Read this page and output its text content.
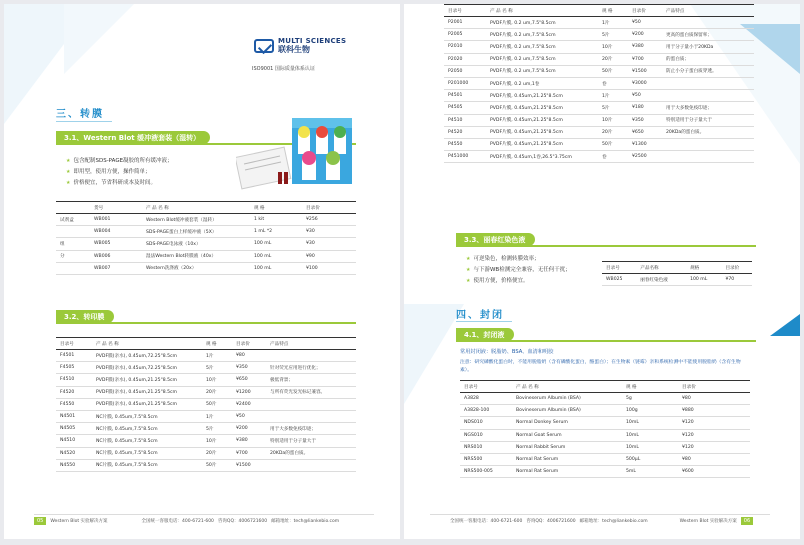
MULTI SCIENCES
联科生物
ISO9001 国际质量体系认证
三、转膜
3.1、Western Blot 缓冲液套装（湿转）
★ 包含配制SDS-PAGE凝胶的所有缓冲液；
★ 即用型，使用方便，操作简单；
★ 价格便宜，节省科研成本及时间。
	货号	产 品 名 称	规 格	目录价
试剂盒	WB001	Western Blot缓冲液套装（湿转）	1 kit	¥256
	WB004	SDS-PAGE蛋白上样缓冲液（5X）	1 mL *2	¥30
组	WB005	SDS-PAGE电泳液（10x）	100 mL	¥30
分	WB006	湿法Western Blot转膜液（40x）	100 mL	¥90
	WB007	Western洗涤液（20x）	100 mL	¥100
3.2、转印膜
目录号	产 品 名 称	规 格	目录价	产品特点
F4501	PVDF膜(亲水), 0.45um,72.25"8.5cm	1片	¥80	
F4505	PVDF膜(亲水), 0.45um,72.25"8.5cm	5片	¥350	针对荧光应用进行优化；
F4510	PVDF膜(亲水), 0.45um,21.25"8.5cm	10片	¥650	极低背景；
F4520	PVDF膜(亲水), 0.45um,21.25"8.5cm	20片	¥1200	与所有荧光发光标记兼容。
F4550	PVDF膜(亲水), 0.45um,21.25"8.5cm	50片	¥2400	
N4501	NC片膜, 0.45um,7.5"8.5cm	1片	¥50	
N4505	NC片膜, 0.45um,7.5"8.5cm	5片	¥200	用于大多数免疫印迹；
N4510	NC片膜, 0.45um,7.5"8.5cm	10片	¥380	特别适用于分子量大于
N4520	NC片膜, 0.45um,7.5"8.5cm	20片	¥700	20KDa的蛋白质。
N4550	NC片膜, 0.45um,7.5"8.5cm	50片	¥1500	
05	Western Blot 实验解决方案	全国统一客服电话：400-6721-600 咨询QQ：4006721600 邮箱地址：tech@liankebio.com
目录号	产 品 名 称	规 格	目录价	产品特点
P2001	PVDF片膜, 0.2 um,7.5"8.5cm	1片	¥50	
P2005	PVDF片膜, 0.2 um,7.5"8.5cm	5片	¥200	更高的蛋白质保留率；
P2010	PVDF片膜, 0.2 um,7.5"8.5cm	10片	¥380	用于分子量小于20KDa
P2020	PVDF片膜, 0.2 um,7.5"8.5cm	20片	¥700	的蛋白质；
P2050	PVDF片膜, 0.2 um,7.5"8.5cm	50片	¥1500	防止小分子蛋白质穿透。
P201000	PVDF片膜, 0.2 um,1卷	卷	¥3000	
P4501	PVDF片膜, 0.45um,21.25"8.5cm	1片	¥50	
P4505	PVDF片膜, 0.45um,21.25"8.5cm	5片	¥180	用于大多数免疫印迹；
P4510	PVDF片膜, 0.45um,21.25"8.5cm	10片	¥350	特别适用于分子量大于
P4520	PVDF片膜, 0.45um,21.25"8.5cm	20片	¥650	20KDa的蛋白质。
P4550	PVDF片膜, 0.45um,21.25"8.5cm	50片	¥1300	
P451000	PVDF片膜, 0.45um,1卷,26.5"3.75cm	卷	¥2500	
3.3、丽春红染色液
★ 可逆染色，检测转膜效率；
★ 与下游WB检测完全兼容，无任何干扰；
★ 使用方便，价格便宜。
目录号	产品名称	规格	目录价
WB025	丽春红染色液	100 mL	¥70
四、封闭
4.1、封闭液
常用封闭液：脱脂奶、BSA、血清和明胶
注意：研究磷酸化蛋白时，不能用脱脂奶（含有磷酸化蛋白，酪蛋白）；在生物素（链霉）亲和系统检测中不能使用脱脂奶（含有生物素）。
目录号	产 品 名 称	规 格	目录价
A3828	Bovineserum Albumin (BSA)	5g	¥80
A3828-100	Bovineserum Albumin (BSA)	100g	¥880
NDS010	Normal Donkey Serum	10mL	¥120
NGS010	Normal Goat Serum	10mL	¥120
NRS010	Normal Rabbit Serum	10mL	¥120
NRS500	Normal Rat Serum	500μL	¥80
NRS500-005	Normal Rat Serum	5mL	¥600
全国统一客服电话：400-6721-600 咨询QQ：4006721600 邮箱地址：tech@liankebio.com	Western Blot 实验解决方案	06
